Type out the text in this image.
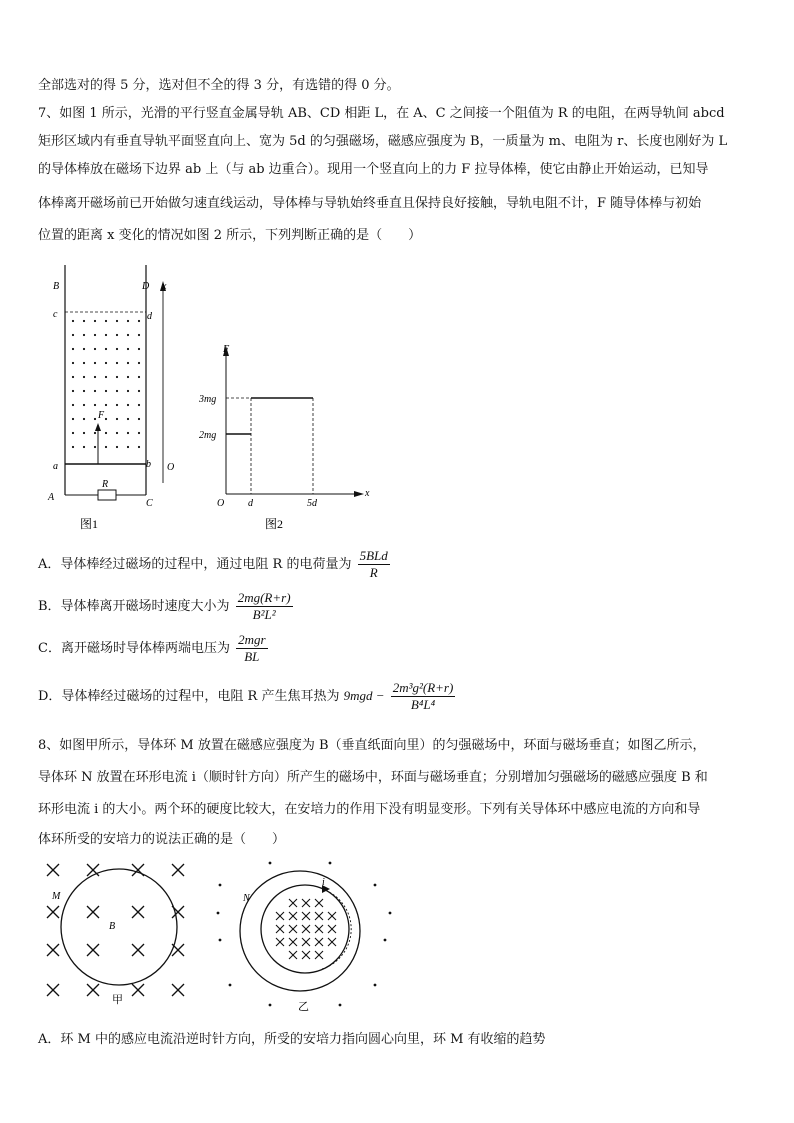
全部选对的得 5 分，选对但不全的得 3 分，有选错的得 0 分。
7、如图 1 所示，光滑的平行竖直金属导轨 AB、CD 相距 L，在 A、C 之间接一个阻值为 R 的电阻，在两导轨间 abcd
矩形区域内有垂直导轨平面竖直向上、宽为 5d 的匀强磁场，磁感应强度为 B，一质量为 m、电阻为 r、长度也刚好为 L
的导体棒放在磁场下边界 ab 上（与 ab 边重合）。现用一个竖直向上的力 F 拉导体棒，使它由静止开始运动，已知导
体棒离开磁场前已开始做匀速直线运动，导体棒与导轨始终垂直且保持良好接触，导轨电阻不计，F 随导体棒与初始
位置的距离 x 变化的情况如图 2 所示，下列判断正确的是（　　）
B	D x
c	d
a	b O
A
C
R
F
图1
F
3mg
2mg
O d	5d
x
图2
A．导体棒经过磁场的过程中，通过电阻 R 的电荷量为 $\frac{\text{5BLd}}{R}$
B．导体棒离开磁场时速度大小为 $\frac{2mg(R+r)}{\text{B²L²}}$
C．离开磁场时导体棒两端电压为 $\frac{\text{2mgr}}{BL}$
D．导体棒经过磁场的过程中，电阻 R 产生焦耳热为 $9mgd - \frac{\text{2m³g²(R+r)}}{\text{B⁴L⁴}}$
8、如图甲所示，导体环 M 放置在磁感应强度为 B（垂直纸面向里）的匀强磁场中，环面与磁场垂直；如图乙所示，
导体环 N 放置在环形电流 i（顺时针方向）所产生的磁场中，环面与磁场垂直；分别增加匀强磁场的磁感应强度 B 和
环形电流 i 的大小。两个环的硬度比较大，在安培力的作用下没有明显变形。下列有关导体环中感应电流的方向和导
体环所受的安培力的说法正确的是（　　）
M
B
甲
N
i
乙
A．环 M 中的感应电流沿逆时针方向，所受的安培力指向圆心向里，环 M 有收缩的趋势
